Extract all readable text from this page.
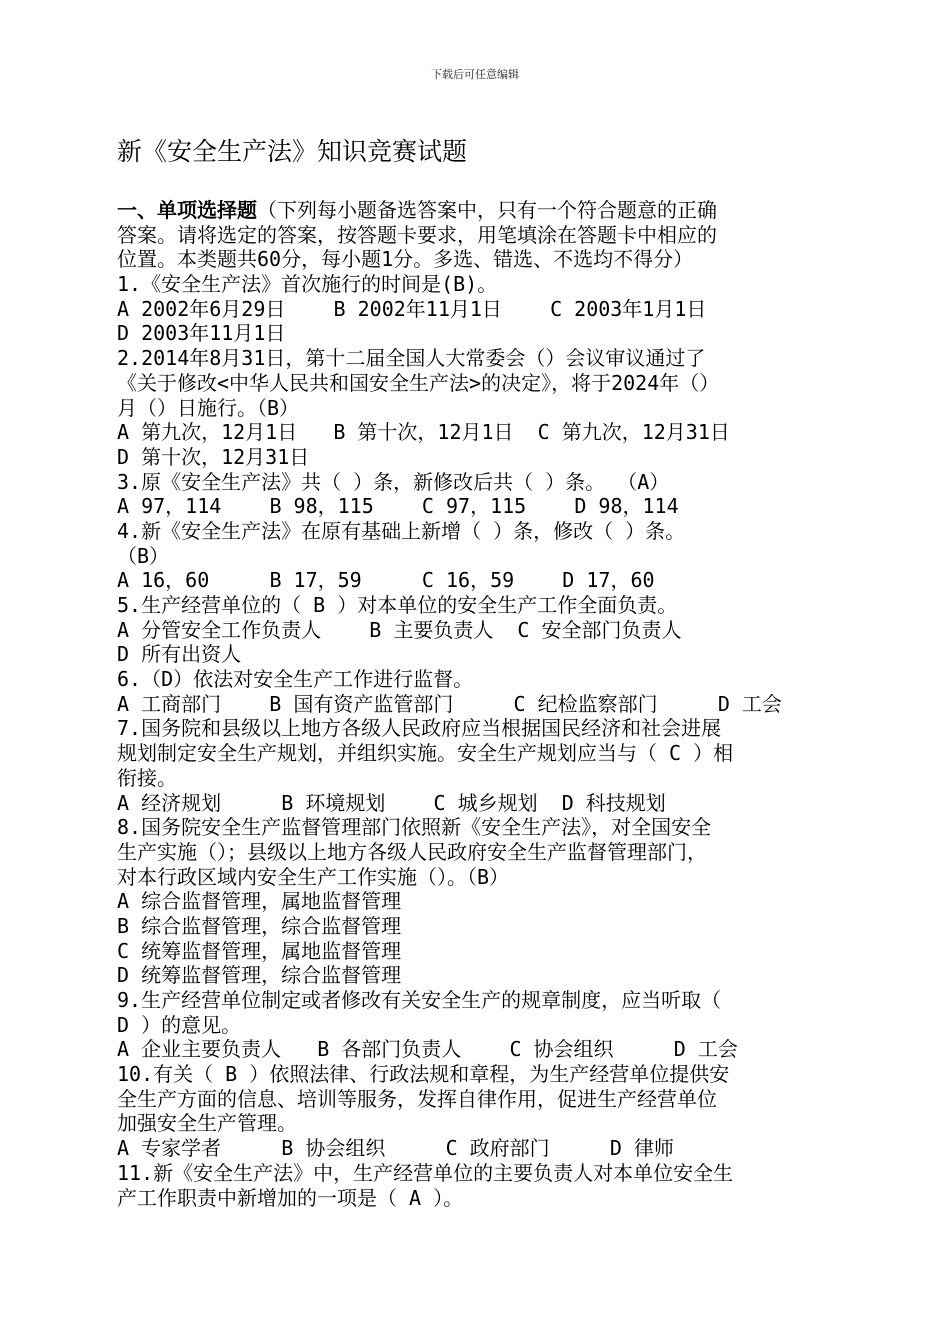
下载后可任意编辑
新《安全生产法》知识竞赛试题
一、单项选择题（下列每小题备选答案中，只有一个符合题意的正确
答案。请将选定的答案，按答题卡要求，用笔填涂在答题卡中相应的
位置。本类题共60分，每小题1分。多选、错选、不选均不得分）
1.《安全生产法》首次施行的时间是(B)。
A 2002年6月29日    B 2002年11月1日    C 2003年1月1日
D 2003年11月1日
2.2014年8月31日，第十二届全国人大常委会（）会议审议通过了
《关于修改<中华人民共和国安全生产法>的决定》，将于2024年（）
月（）日施行。（B）
A 第九次，12月1日   B 第十次，12月1日  C 第九次，12月31日
D 第十次，12月31日
3.原《安全生产法》共（ ）条，新修改后共（ ）条。 （A）
A 97，114    B 98，115    C 97，115    D 98，114
4.新《安全生产法》在原有基础上新增（ ）条，修改（ ）条。
（B）
A 16，60     B 17，59     C 16，59    D 17，60
5.生产经营单位的（ B ）对本单位的安全生产工作全面负责。
A 分管安全工作负责人    B 主要负责人  C 安全部门负责人
D 所有出资人
6.（D）依法对安全生产工作进行监督。
A 工商部门    B 国有资产监管部门     C 纪检监察部门     D 工会
7.国务院和县级以上地方各级人民政府应当根据国民经济和社会进展
规划制定安全生产规划，并组织实施。安全生产规划应当与（ C ）相
衔接。
A 经济规划     B 环境规划    C 城乡规划  D 科技规划
8.国务院安全生产监督管理部门依照新《安全生产法》，对全国安全
生产实施（）；县级以上地方各级人民政府安全生产监督管理部门，
对本行政区域内安全生产工作实施（）。（B）
A 综合监督管理，属地监督管理
B 综合监督管理，综合监督管理
C 统筹监督管理，属地监督管理
D 统筹监督管理，综合监督管理
9.生产经营单位制定或者修改有关安全生产的规章制度，应当听取（
D ）的意见。
A 企业主要负责人   B 各部门负责人    C 协会组织     D 工会
10.有关（ B ）依照法律、行政法规和章程，为生产经营单位提供安
全生产方面的信息、培训等服务，发挥自律作用，促进生产经营单位
加强安全生产管理。
A 专家学者     B 协会组织     C 政府部门     D 律师
11.新《安全生产法》中，生产经营单位的主要负责人对本单位安全生
产工作职责中新增加的一项是（ A ）。
